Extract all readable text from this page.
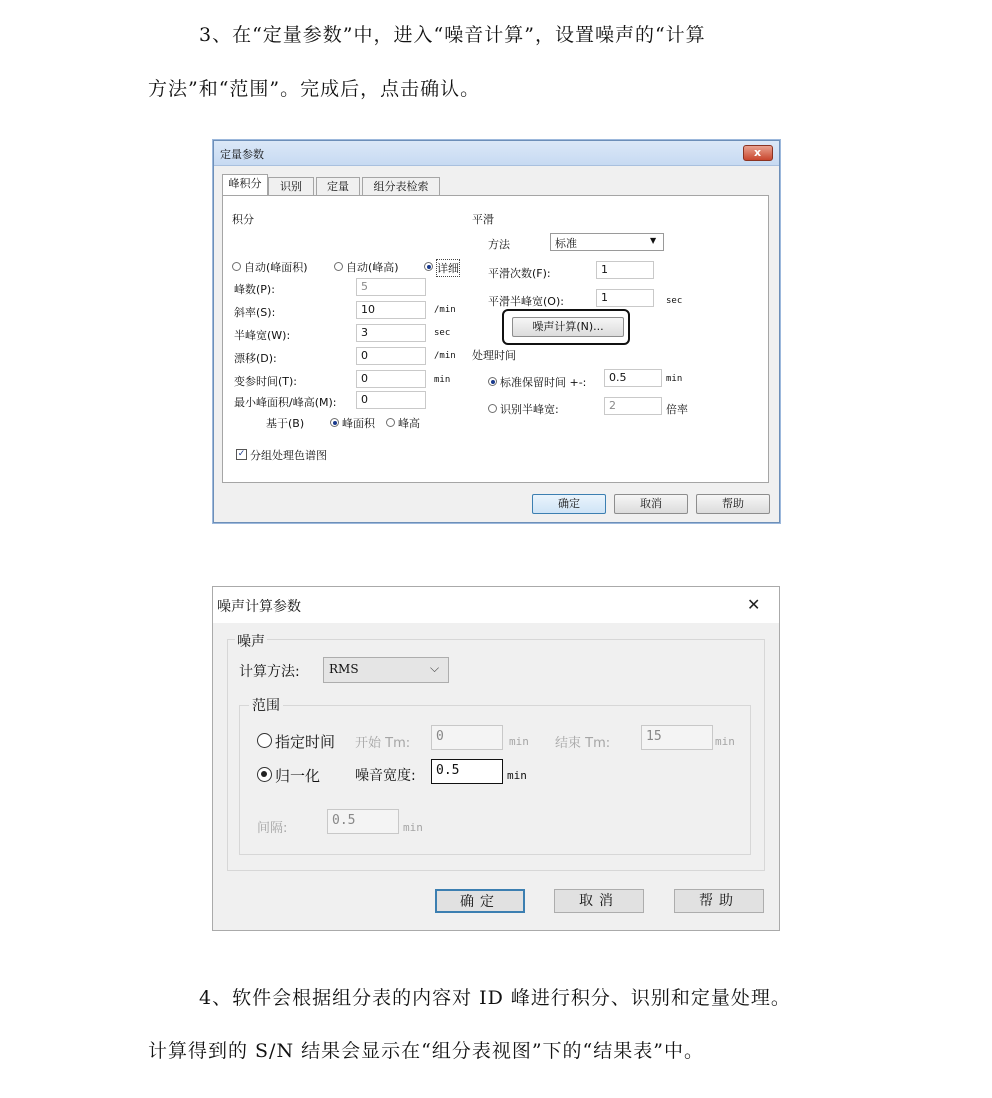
3、在“定量参数”中，进入“噪音计算”，设置噪声的“计算
方法”和“范围”。完成后，点击确认。
定量参数	x
峰积分	识别	定量	组分表检索
积分
自动(峰面积)	自动(峰高)	详细
峰数(P):	5
斜率(S):	10	/min
半峰宽(W):	3	sec
漂移(D):	0	/min
变参时间(T):	0	min
最小峰面积/峰高(M):	0
基于(B)	峰面积 峰高
✓ 分组处理色谱图
平滑
方法	标准	▼
平滑次数(F):	1
平滑半峰宽(O):	1	sec
噪声计算(N)...
处理时间
标准保留时间 +-:	0.5	min
识别半峰宽:	2	倍率
确定	取消	帮助
噪声计算参数	✕
噪声
计算方法: RMS	⌵
范围
指定时间 开始 Tm:	0	min 结束 Tm:	15	min
归一化 噪音宽度:	0.5	min
间隔:
0.5	min
确定	取消	帮助
4、软件会根据组分表的内容对 ID 峰进行积分、识别和定量处理。
计算得到的 S/N 结果会显示在“组分表视图”下的“结果表”中。
